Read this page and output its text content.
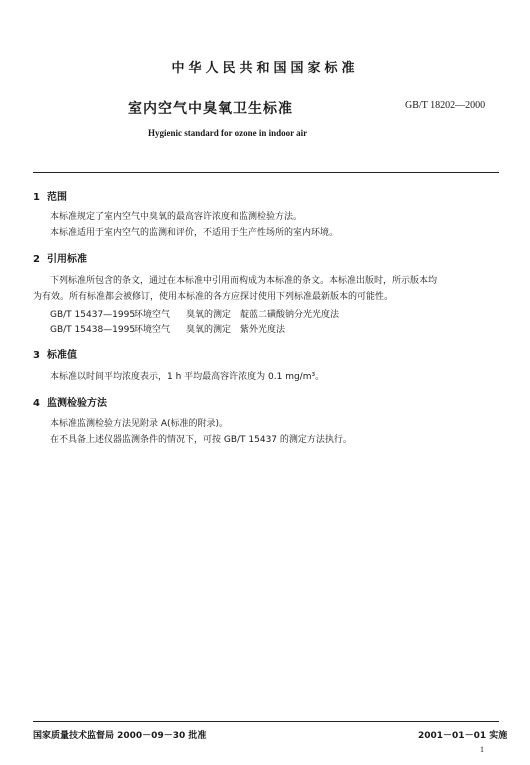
中华人民共和国国家标准
室内空气中臭氧卫生标准	GB/T 18202—2000
Hygienic standard for ozone in indoor air
1 范围
本标准规定了室内空气中臭氧的最高容许浓度和监测检验方法。
本标准适用于室内空气的监测和评价，不适用于生产性场所的室内环境。
2 引用标准
下列标准所包含的条文，通过在本标准中引用而构成为本标准的条文。本标准出版时，所示版本均
为有效。所有标准都会被修订，使用本标准的各方应探讨使用下列标准最新版本的可能性。
GB/T 15437—1995环境空气 臭氧的测定　靛蓝二磺酸钠分光光度法
GB/T 15438—1995环境空气 臭氧的测定　紫外光度法
3 标准值
本标准以时间平均浓度表示，1 h 平均最高容许浓度为 0.1 mg/m³。
4 监测检验方法
本标准监测检验方法见附录 A(标准的附录)。
在不具备上述仪器监测条件的情况下，可按 GB/T 15437 的测定方法执行。
国家质量技术监督局 2000－09－30 批准	2001－01－01 实施
1
